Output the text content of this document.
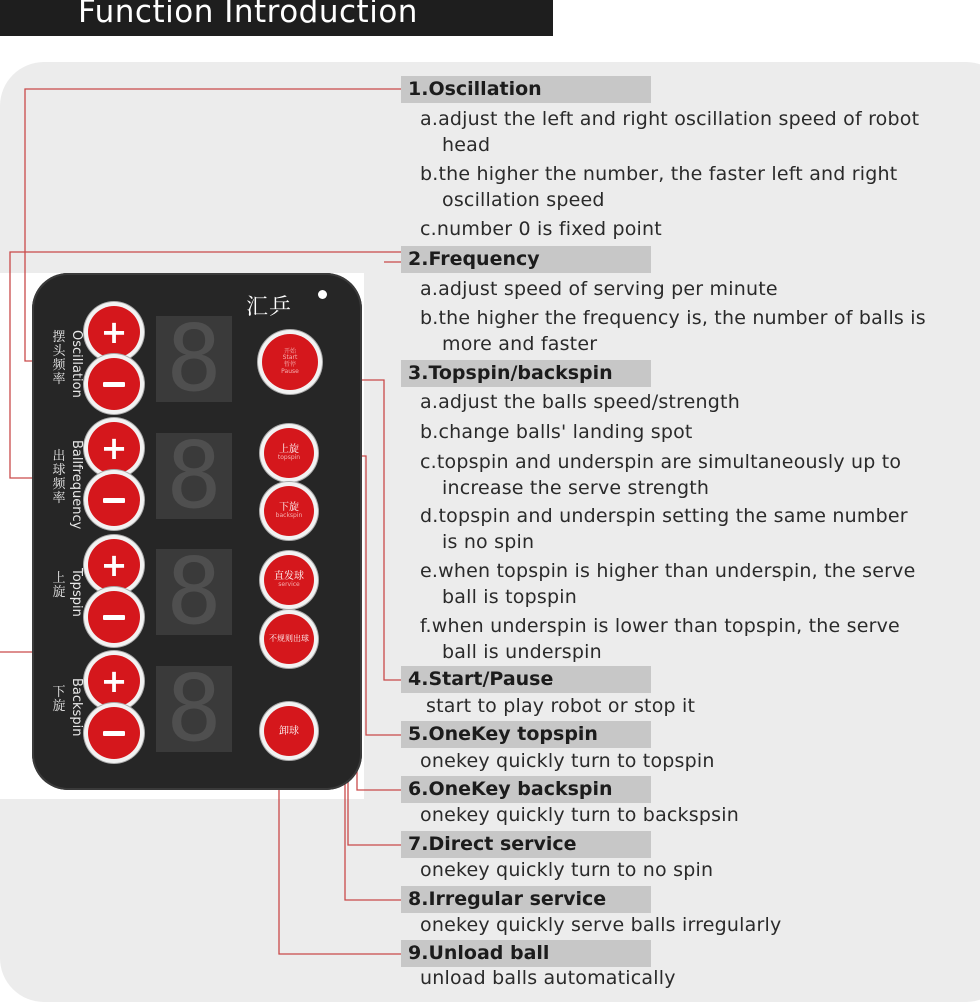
Function Introduction
汇乒
Oscillation
摆头频率
Ballfrequency
出球频率
Topspin
上旋
Backspin
下旋
+
+
+
+
8
8
8
8
开始
Start
暂停
Pause
上旋
topspin
下旋
backspin
直发球
service
不规则出球
卸球
1.Oscillation
a.adjust the left and right oscillation speed of robot
head
b.the higher the number, the faster left and right
oscillation speed
c.number 0 is fixed point
2.Frequency
a.adjust speed of serving per minute
b.the higher the frequency is, the number of balls is
more and faster
3.Topspin/backspin
a.adjust the balls speed/strength
b.change balls' landing spot
c.topspin and underspin are simultaneously up to
increase the serve strength
d.topspin and underspin setting the same number
is no spin
e.when topspin is higher than underspin, the serve
ball is topspin
f.when underspin is lower than topspin, the serve
ball is underspin
4.Start/Pause
start to play robot or stop it
5.OneKey topspin
onekey quickly turn to topspin
6.OneKey backspin
onekey quickly turn to backspsin
7.Direct service
onekey quickly turn to no spin
8.Irregular service
onekey quickly serve balls irregularly
9.Unload ball
unload balls automatically
